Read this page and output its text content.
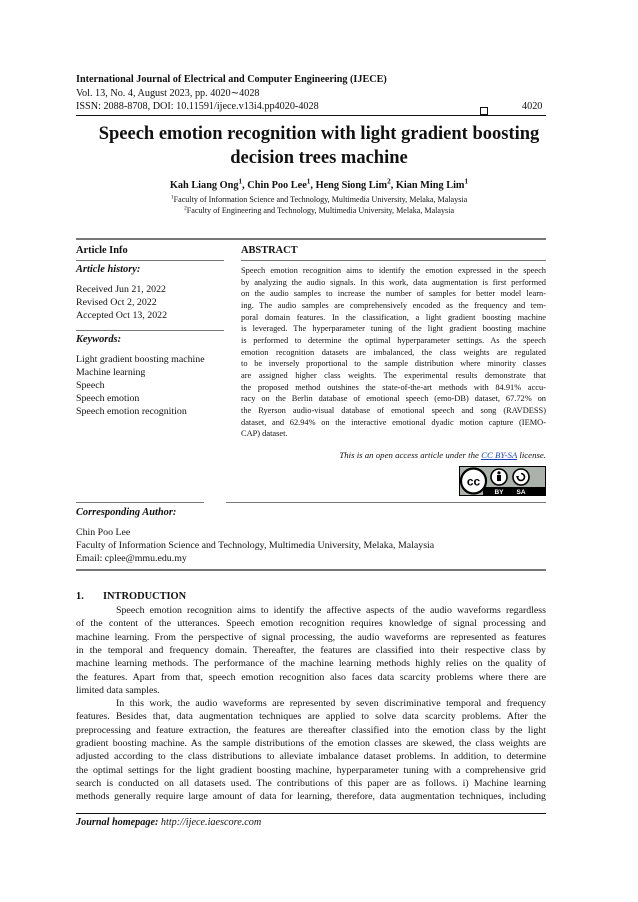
International Journal of Electrical and Computer Engineering (IJECE)
Vol. 13, No. 4, August 2023, pp. 4020∼4028
ISSN: 2088-8708, DOI: 10.11591/ijece.v13i4.pp4020-4028	4020
Speech emotion recognition with light gradient boosting
decision trees machine
Kah Liang Ong$^1$, Chin Poo Lee$^1$, Heng Siong Lim$^2$, Kian Ming Lim$^1$
$^1$Faculty of Information Science and Technology, Multimedia University, Melaka, Malaysia
$^2$Faculty of Engineering and Technology, Multimedia University, Melaka, Malaysia
Article Info
Article history:
Received Jun 21, 2022
Revised Oct 2, 2022
Accepted Oct 13, 2022
Keywords:
Light gradient boosting machine
Machine learning
Speech
Speech emotion
Speech emotion recognition
ABSTRACT
Speech emotion recognition aims to identify the emotion expressed in the speech
by analyzing the audio signals. In this work, data augmentation is first performed
on the audio samples to increase the number of samples for better model learn-
ing. The audio samples are comprehensively encoded as the frequency and tem-
poral domain features. In the classification, a light gradient boosting machine
is leveraged. The hyperparameter tuning of the light gradient boosting machine
is performed to determine the optimal hyperparameter settings. As the speech
emotion recognition datasets are imbalanced, the class weights are regulated
to be inversely proportional to the sample distribution where minority classes
are assigned higher class weights. The experimental results demonstrate that
the proposed method outshines the state-of-the-art methods with 84.91% accu-
racy on the Berlin database of emotional speech (emo-DB) dataset, 67.72% on
the Ryerson audio-visual database of emotional speech and song (RAVDESS)
dataset, and 62.94% on the interactive emotional dyadic motion capture (IEMO-
CAP) dataset.
This is an open access article under the CC BY-SA license.
cc
BY SA
Corresponding Author:
Chin Poo Lee
Faculty of Information Science and Technology, Multimedia University, Melaka, Malaysia
Email: cplee@mmu.edu.my
1. INTRODUCTION
Speech emotion recognition aims to identify the affective aspects of the audio waveforms regardless
of the content of the utterances. Speech emotion recognition requires knowledge of signal processing and
machine learning. From the perspective of signal processing, the audio waveforms are represented as features
in the temporal and frequency domain. Thereafter, the features are classified into their respective class by
machine learning methods. The performance of the machine learning methods highly relies on the quality of
the features. Apart from that, speech emotion recognition also faces data scarcity problems where there are
limited data samples.
In this work, the audio waveforms are represented by seven discriminative temporal and frequency
features. Besides that, data augmentation techniques are applied to solve data scarcity problems. After the
preprocessing and feature extraction, the features are thereafter classified into the emotion class by the light
gradient boosting machine. As the sample distributions of the emotion classes are skewed, the class weights are
adjusted according to the class distributions to alleviate imbalance dataset problems. In addition, to determine
the optimal settings for the light gradient boosting machine, hyperparameter tuning with a comprehensive grid
search is conducted on all datasets used. The contributions of this paper are as follows. i) Machine learning
methods generally require large amount of data for learning, therefore, data augmentation techniques, including
Journal homepage: http://ijece.iaescore.com
